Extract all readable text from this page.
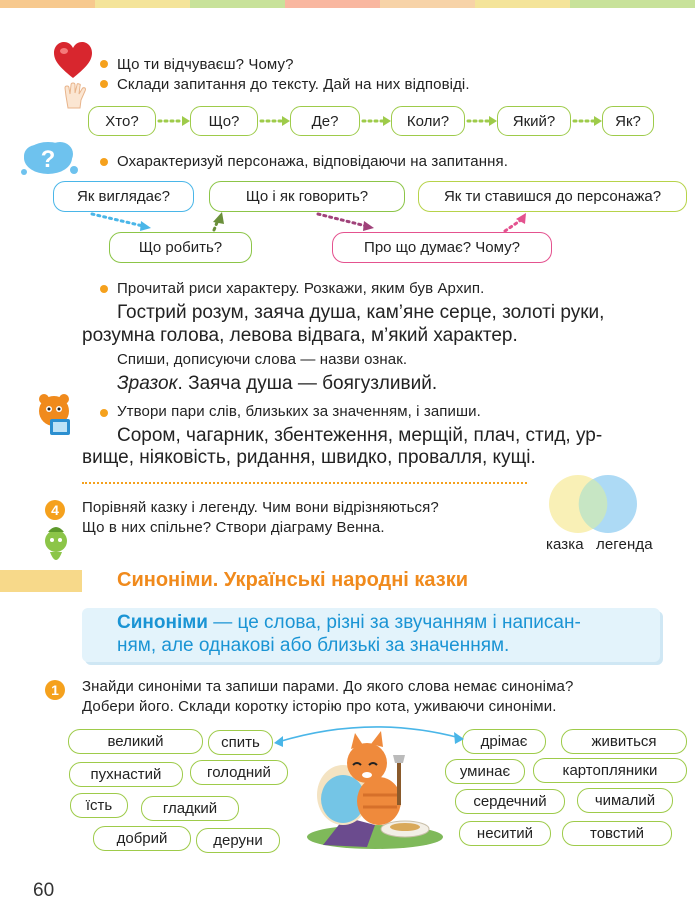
Що ти відчуваєш? Чому?
Склади запитання до тексту. Дай на них відповіді.
Хто?	Що?	Де?	Коли?	Який?	Як?
?	Охарактеризуй персонажа, відповідаючи на запитання.
Як виглядає?	Що і як говорить?	Як ти ставишся до персонажа?
Що робить?	Про що думає? Чому?
Прочитай риси характеру. Розкажи, яким був Архип.
Гострий розум, заяча душа, кам’яне серце, золоті руки,
розумна голова, левова відвага, м’який характер.
Спиши, дописуючи слова — назви ознак.
Зразок. Заяча душа — боягузливий.
Утвори пари слів, близьких за значенням, і запиши.
Сором, чагарник, збентеження, мерщій, плач, стид, ур-
вище, ніяковість, ридання, швидко, провалля, кущі.
4	Порівняй казку і легенду. Чим вони відрізняються?
Що в них спільне? Створи діаграму Венна.
казка легенда
Синоніми. Українські народні казки
Синоніми — це слова, різні за звучанням і написан-
ням, але однакові або близькі за значенням.
1	Знайди синоніми та запиши парами. До якого слова немає синоніма?
Добери його. Склади коротку історію про кота, уживаючи синоніми.
великий	спить
пухнастий	голодний
їсть	гладкий
добрий	деруни
дрімає	живиться
уминає	картопляники
сердечний	чималий
неситий	товстий
60
